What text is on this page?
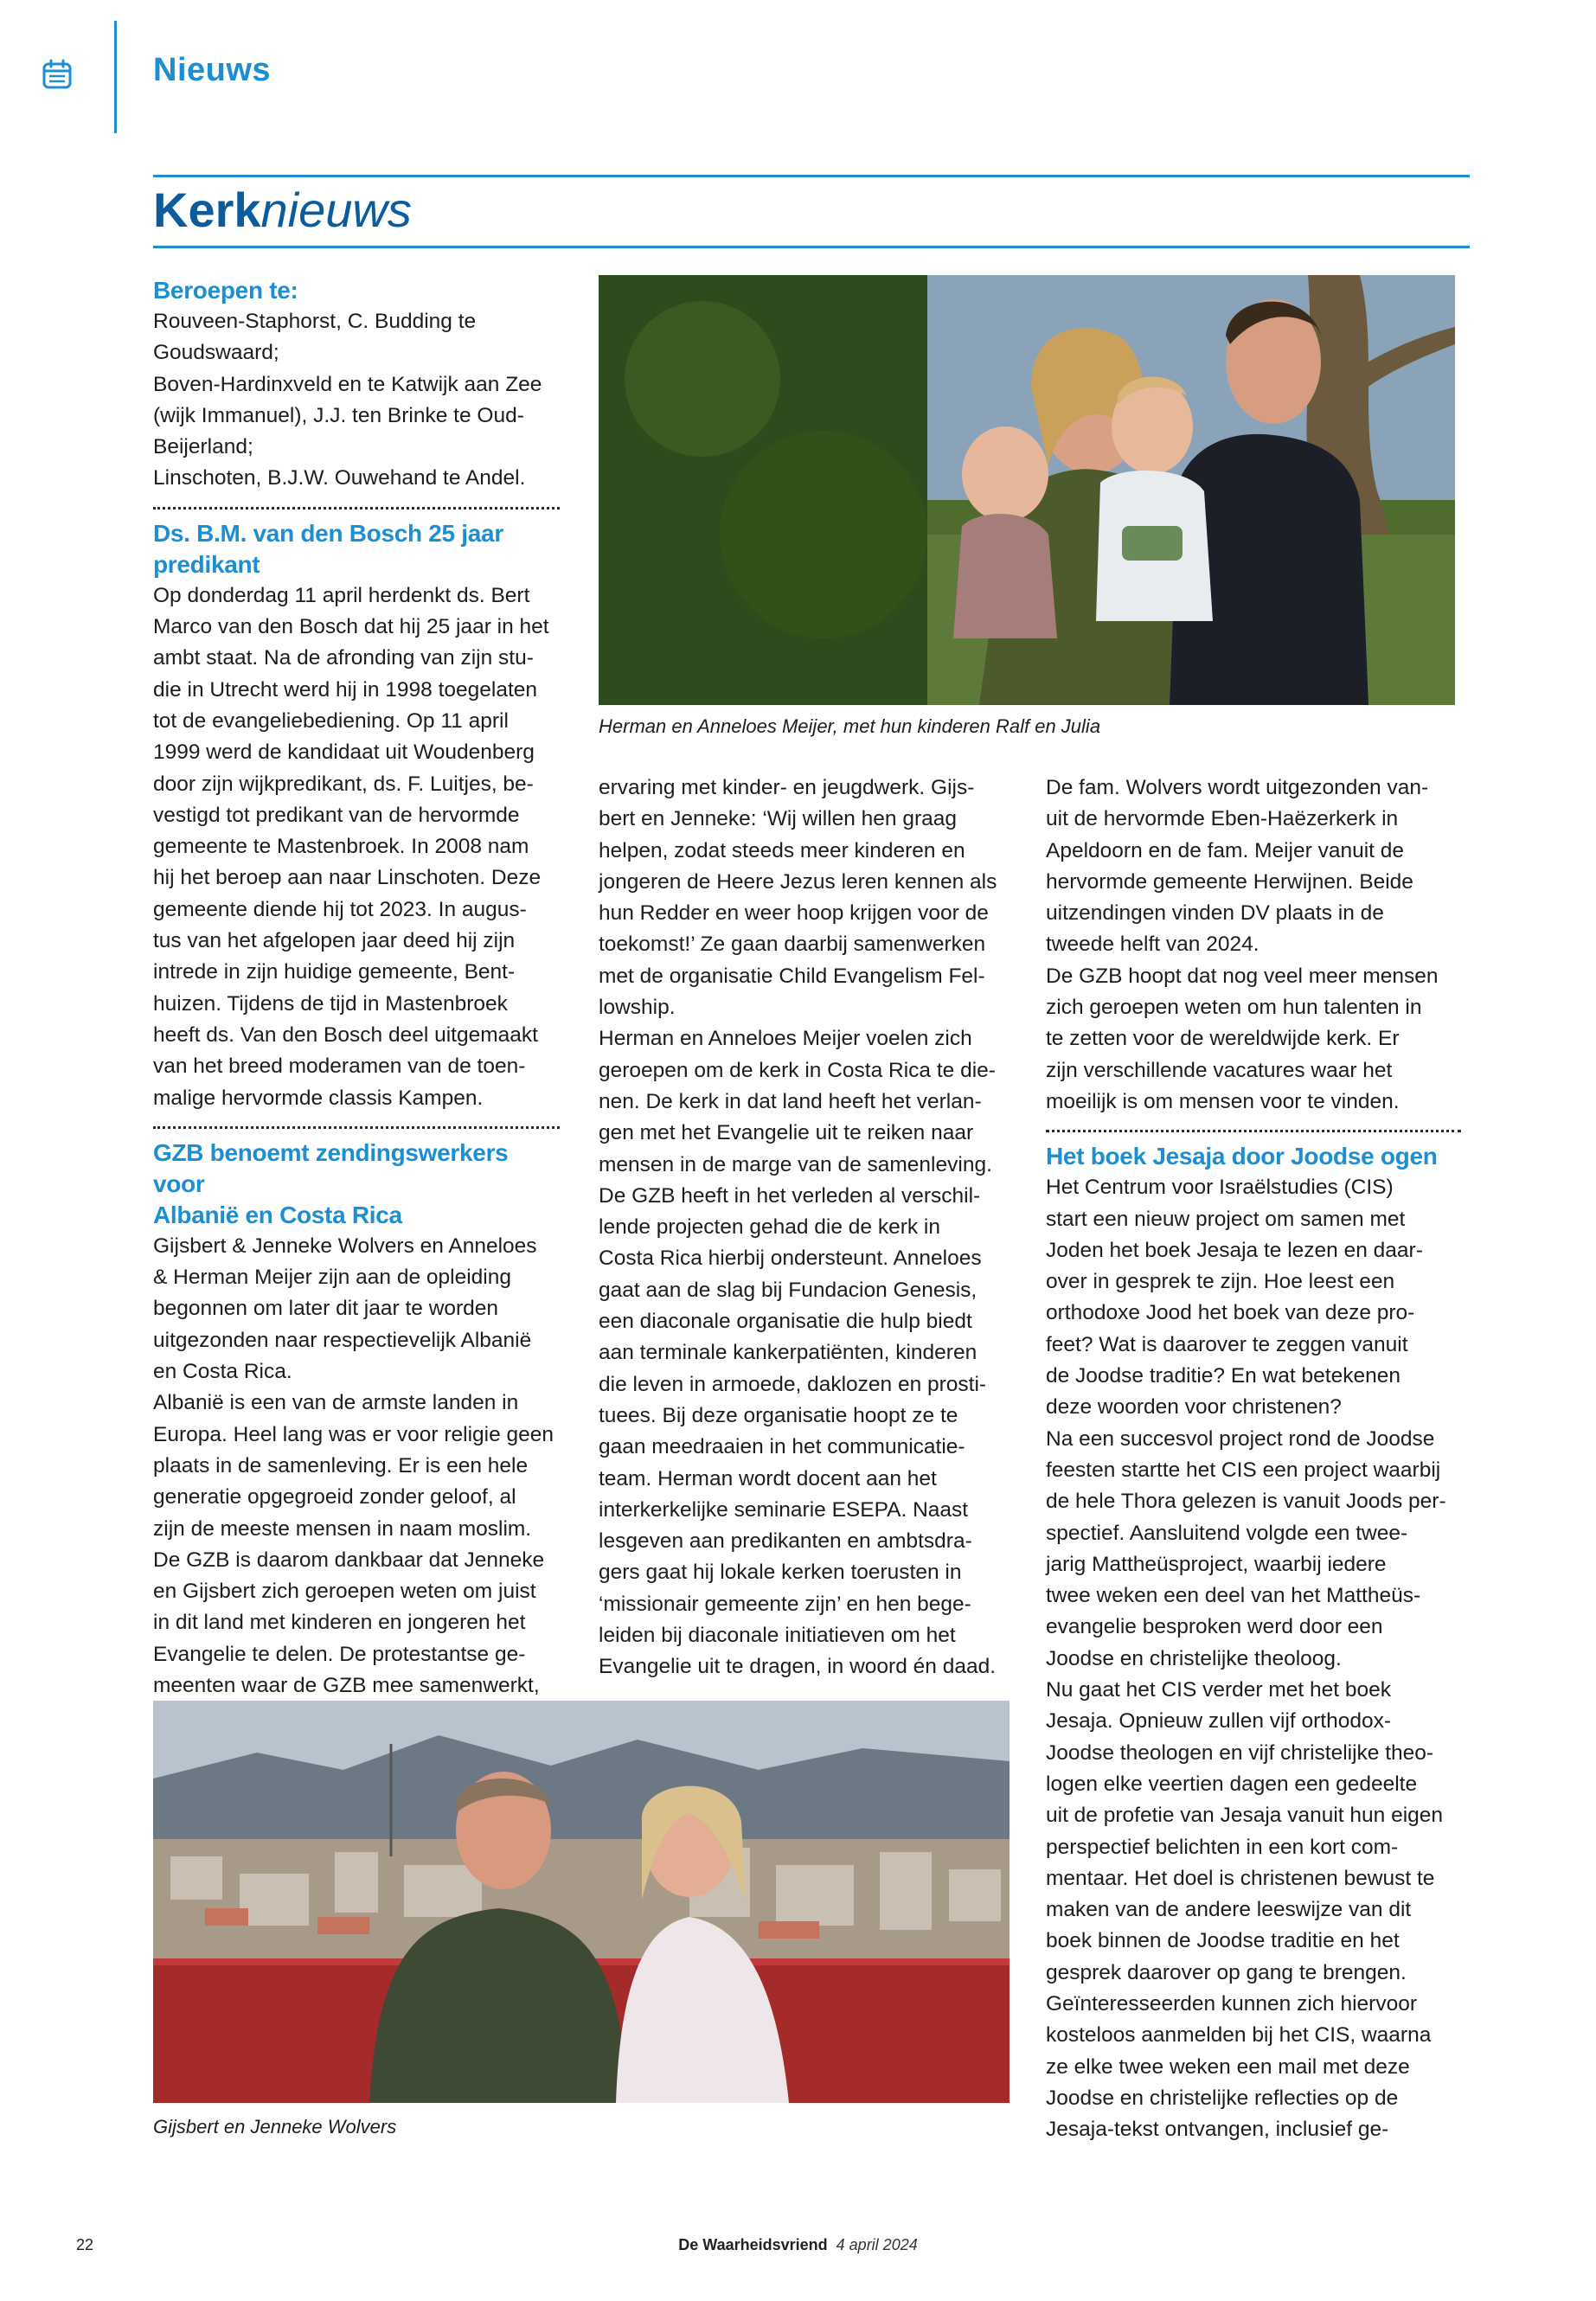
Nieuws
Kerknieuws
Beroepen te:

Rouveen-Staphorst, C. Budding te

Goudswaard;

Boven-Hardinxveld en te Katwijk aan Zee

(wijk Immanuel), J.J. ten Brinke te Oud-

Beijerland;

Linschoten, B.J.W. Ouwehand te Andel.

Ds. B.M. van den Bosch 25 jaar predikant

Op donderdag 11 april herdenkt ds. Bert

Marco van den Bosch dat hij 25 jaar in het

ambt staat. Na de afronding van zijn stu-

die in Utrecht werd hij in 1998 toegelaten

tot de evangeliebediening. Op 11 april

1999 werd de kandidaat uit Woudenberg

door zijn wijkpredikant, ds. F. Luitjes, be-

vestigd tot predikant van de hervormde

gemeente te Mastenbroek. In 2008 nam

hij het beroep aan naar Linschoten. Deze

gemeente diende hij tot 2023. In augus-

tus van het afgelopen jaar deed hij zijn

intrede in zijn huidige gemeente, Bent-

huizen. Tijdens de tijd in Mastenbroek

heeft ds. Van den Bosch deel uitgemaakt

van het breed moderamen van de toen-

malige hervormde classis Kampen.

GZB benoemt zendingswerkers voor
Albanië en Costa Rica

Gijsbert & Jenneke Wolvers en Anneloes

& Herman Meijer zijn aan de opleiding

begonnen om later dit jaar te worden

uitgezonden naar respectievelijk Albanië

en Costa Rica.

Albanië is een van de armste landen in

Europa. Heel lang was er voor religie geen

plaats in de samenleving. Er is een hele

generatie opgegroeid zonder geloof, al

zijn de meeste mensen in naam moslim.

De GZB is daarom dankbaar dat Jenneke

en Gijsbert zich geroepen weten om juist

in dit land met kinderen en jongeren het

Evangelie te delen. De protestantse ge-

meenten waar de GZB mee samenwerkt,

Herman en Anneloes Meijer, met hun kinderen Ralf en Julia

ervaring met kinder- en jeugdwerk. Gijs-

bert en Jenneke: ‘Wij willen hen graag

helpen, zodat steeds meer kinderen en

jongeren de Heere Jezus leren kennen als

hun Redder en weer hoop krijgen voor de

toekomst!’ Ze gaan daarbij samenwerken

met de organisatie Child Evangelism Fel-

lowship.

Herman en Anneloes Meijer voelen zich

geroepen om de kerk in Costa Rica te die-

nen. De kerk in dat land heeft het verlan-

gen met het Evangelie uit te reiken naar

mensen in de marge van de samenleving.

De GZB heeft in het verleden al verschil-

lende projecten gehad die de kerk in

Costa Rica hierbij ondersteunt. Anneloes

gaat aan de slag bij Fundacion Genesis,

een diaconale organisatie die hulp biedt

aan terminale kankerpatiënten, kinderen

die leven in armoede, daklozen en prosti-

tuees. Bij deze organisatie hoopt ze te

gaan meedraaien in het communicatie-

team. Herman wordt docent aan het

interkerkelijke seminarie ESEPA. Naast

lesgeven aan predikanten en ambtsdra-

gers gaat hij lokale kerken toerusten in

‘missionair gemeente zijn’ en hen bege-

leiden bij diaconale initiatieven om het

Evangelie uit te dragen, in woord én daad.

De fam. Wolvers wordt uitgezonden van-

uit de hervormde Eben-Haëzerkerk in

Apeldoorn en de fam. Meijer vanuit de

hervormde gemeente Herwijnen. Beide

uitzendingen vinden DV plaats in de

tweede helft van 2024.

De GZB hoopt dat nog veel meer mensen

zich geroepen weten om hun talenten in

te zetten voor de wereldwijde kerk. Er

zijn verschillende vacatures waar het

moeilijk is om mensen voor te vinden.

Het boek Jesaja door Joodse ogen

Het Centrum voor Israëlstudies (CIS)

start een nieuw project om samen met

Joden het boek Jesaja te lezen en daar-

over in gesprek te zijn. Hoe leest een

orthodoxe Jood het boek van deze pro-

feet? Wat is daarover te zeggen vanuit

de Joodse traditie? En wat betekenen

deze woorden voor christenen?

Na een succesvol project rond de Joodse

feesten startte het CIS een project waarbij

de hele Thora gelezen is vanuit Joods per-

spectief. Aansluitend volgde een twee-

jarig Mattheüsproject, waarbij iedere

twee weken een deel van het Mattheüs-

evangelie besproken werd door een

Joodse en christelijke theoloog.

Nu gaat het CIS verder met het boek

Jesaja. Opnieuw zullen vijf orthodox-

Joodse theologen en vijf christelijke theo-

logen elke veertien dagen een gedeelte

uit de profetie van Jesaja vanuit hun eigen

perspectief belichten in een kort com-

mentaar. Het doel is christenen bewust te

maken van de andere leeswijze van dit

boek binnen de Joodse traditie en het

gesprek daarover op gang te brengen.

Geïnteresseerden kunnen zich hiervoor

kosteloos aanmelden bij het CIS, waarna

ze elke twee weken een mail met deze

Joodse en christelijke reflecties op de

Jesaja-tekst ontvangen, inclusief ge-

Gijsbert en Jenneke Wolvers
22	De Waarheidsvriend 4 april 2024
